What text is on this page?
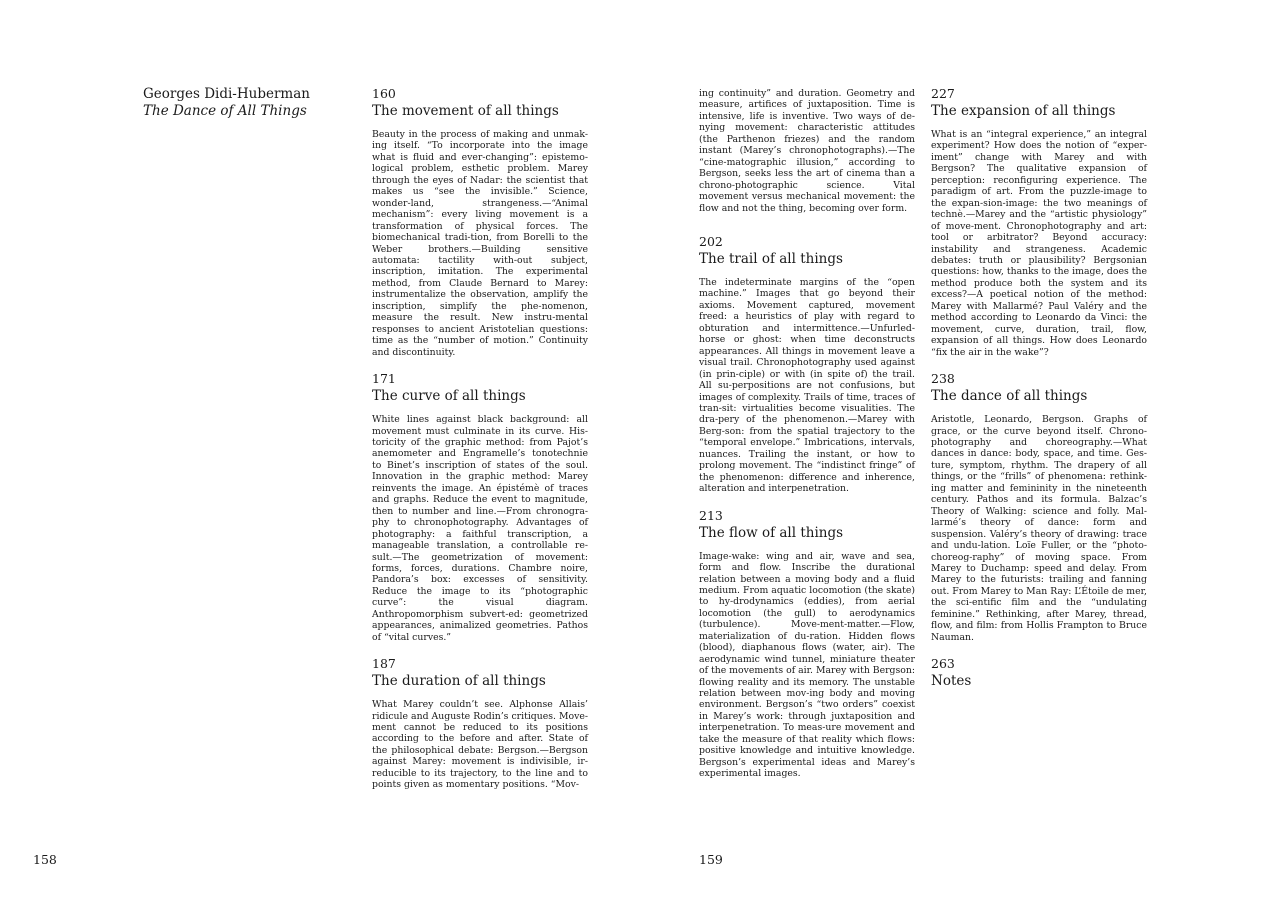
Georges Didi-Huberman
The Dance of All Things
160
The movement of all things

Beauty in the process of making and unmak-ing itself. “To incorporate into the image what is fluid and ever-changing”: epistemo-logical problem, esthetic problem. Marey through the eyes of Nadar: the scientist that makes us “see the invisible.” Science, wonder-land, strangeness.—“Animal mechanism”: every living movement is a transformation of physical forces. The biomechanical tradi-tion, from Borelli to the Weber brothers.—Building sensitive automata: tactility with-out subject, inscription, imitation. The experimental method, from Claude Bernard to Marey: instrumentalize the observation, amplify the inscription, simplify the phe-nomenon, measure the result. New instru-mental responses to ancient Aristotelian questions: time as the “number of motion.” Continuity and discontinuity.

171
The curve of all things

White lines against black background: all movement must culminate in its curve. His-toricity of the graphic method: from Pajot’s anemometer and Engramelle’s tonotechnie to Binet’s inscription of states of the soul. Innovation in the graphic method: Marey reinvents the image. An épistémè of traces and graphs. Reduce the event to magnitude, then to number and line.—From chronogra-phy to chronophotography. Advantages of photography: a faithful transcription, a manageable translation, a controllable re-sult.—The geometrization of movement: forms, forces, durations. Chambre noire, Pandora’s box: excesses of sensitivity. Reduce the image to its “photographic curve”: the visual diagram. Anthropomorphism subvert-ed: geometrized appearances, animalized geometries. Pathos of “vital curves.”

187
The duration of all things

What Marey couldn’t see. Alphonse Allais’ ridicule and Auguste Rodin’s critiques. Move-ment cannot be reduced to its positions according to the before and after. State of the philosophical debate: Bergson.—Bergson against Marey: movement is indivisible, ir-reducible to its trajectory, to the line and to points given as momentary positions. “Mov-

ing continuity” and duration. Geometry and measure, artifices of juxtaposition. Time is intensive, life is inventive. Two ways of de-nying movement: characteristic attitudes (the Parthenon friezes) and the random instant (Marey’s chronophotographs).—The “cine-matographic illusion,” according to Bergson, seeks less the art of cinema than a chrono-photographic science. Vital movement versus mechanical movement: the flow and not the thing, becoming over form.

202
The trail of all things

The indeterminate margins of the “open machine.” Images that go beyond their axioms. Movement captured, movement freed: a heuristics of play with regard to obturation and intermittence.—Unfurled-horse or ghost: when time deconstructs appearances. All things in movement leave a visual trail. Chronophotography used against (in prin-ciple) or with (in spite of) the trail. All su-perpositions are not confusions, but images of complexity. Trails of time, traces of tran-sit: virtualities become visualities. The dra-pery of the phenomenon.—Marey with Berg-son: from the spatial trajectory to the “temporal envelope.” Imbrications, intervals, nuances. Trailing the instant, or how to prolong movement. The “indistinct fringe” of the phenomenon: difference and inherence, alteration and interpenetration.

213
The flow of all things

Image-wake: wing and air, wave and sea, form and flow. Inscribe the durational relation between a moving body and a fluid medium. From aquatic locomotion (the skate) to hy-drodynamics (eddies), from aerial locomotion (the gull) to aerodynamics (turbulence). Move-ment-matter.—Flow, materialization of du-ration. Hidden flows (blood), diaphanous flows (water, air). The aerodynamic wind tunnel, miniature theater of the movements of air. Marey with Bergson: flowing reality and its memory. The unstable relation between mov-ing body and moving environment. Bergson’s “two orders” coexist in Marey’s work: through juxtaposition and interpenetration. To meas-ure movement and take the measure of that reality which flows: positive knowledge and intuitive knowledge. Bergson’s experimental ideas and Marey’s experimental images.

227
The expansion of all things

What is an “integral experience,” an integral experiment? How does the notion of “exper-iment” change with Marey and with Bergson? The qualitative expansion of perception: reconfiguring experience. The paradigm of art. From the puzzle-image to the expan-sion-image: the two meanings of technè.—Marey and the “artistic physiology” of move-ment. Chronophotography and art: tool or arbitrator? Beyond accuracy: instability and strangeness. Academic debates: truth or plausibility? Bergsonian questions: how, thanks to the image, does the method produce both the system and its excess?—A poetical notion of the method: Marey with Mallarmé? Paul Valéry and the method according to Leonardo da Vinci: the movement, curve, duration, trail, flow, expansion of all things. How does Leonardo “fix the air in the wake”?

238
The dance of all things

Aristotle, Leonardo, Bergson. Graphs of grace, or the curve beyond itself. Chrono-photography and choreography.—What dances in dance: body, space, and time. Ges-ture, symptom, rhythm. The drapery of all things, or the “frills” of phenomena: rethink-ing matter and femininity in the nineteenth century. Pathos and its formula. Balzac’s Theory of Walking: science and folly. Mal-larmé’s theory of dance: form and suspension. Valéry’s theory of drawing: trace and undu-lation. Loïe Fuller, or the “photo-choreog-raphy” of moving space. From Marey to Duchamp: speed and delay. From Marey to the futurists: trailing and fanning out. From Marey to Man Ray: L’Étoile de mer, the sci-entific film and the “undulating feminine.” Rethinking, after Marey, thread, flow, and film: from Hollis Frampton to Bruce Nauman.

263
Notes
158	159
